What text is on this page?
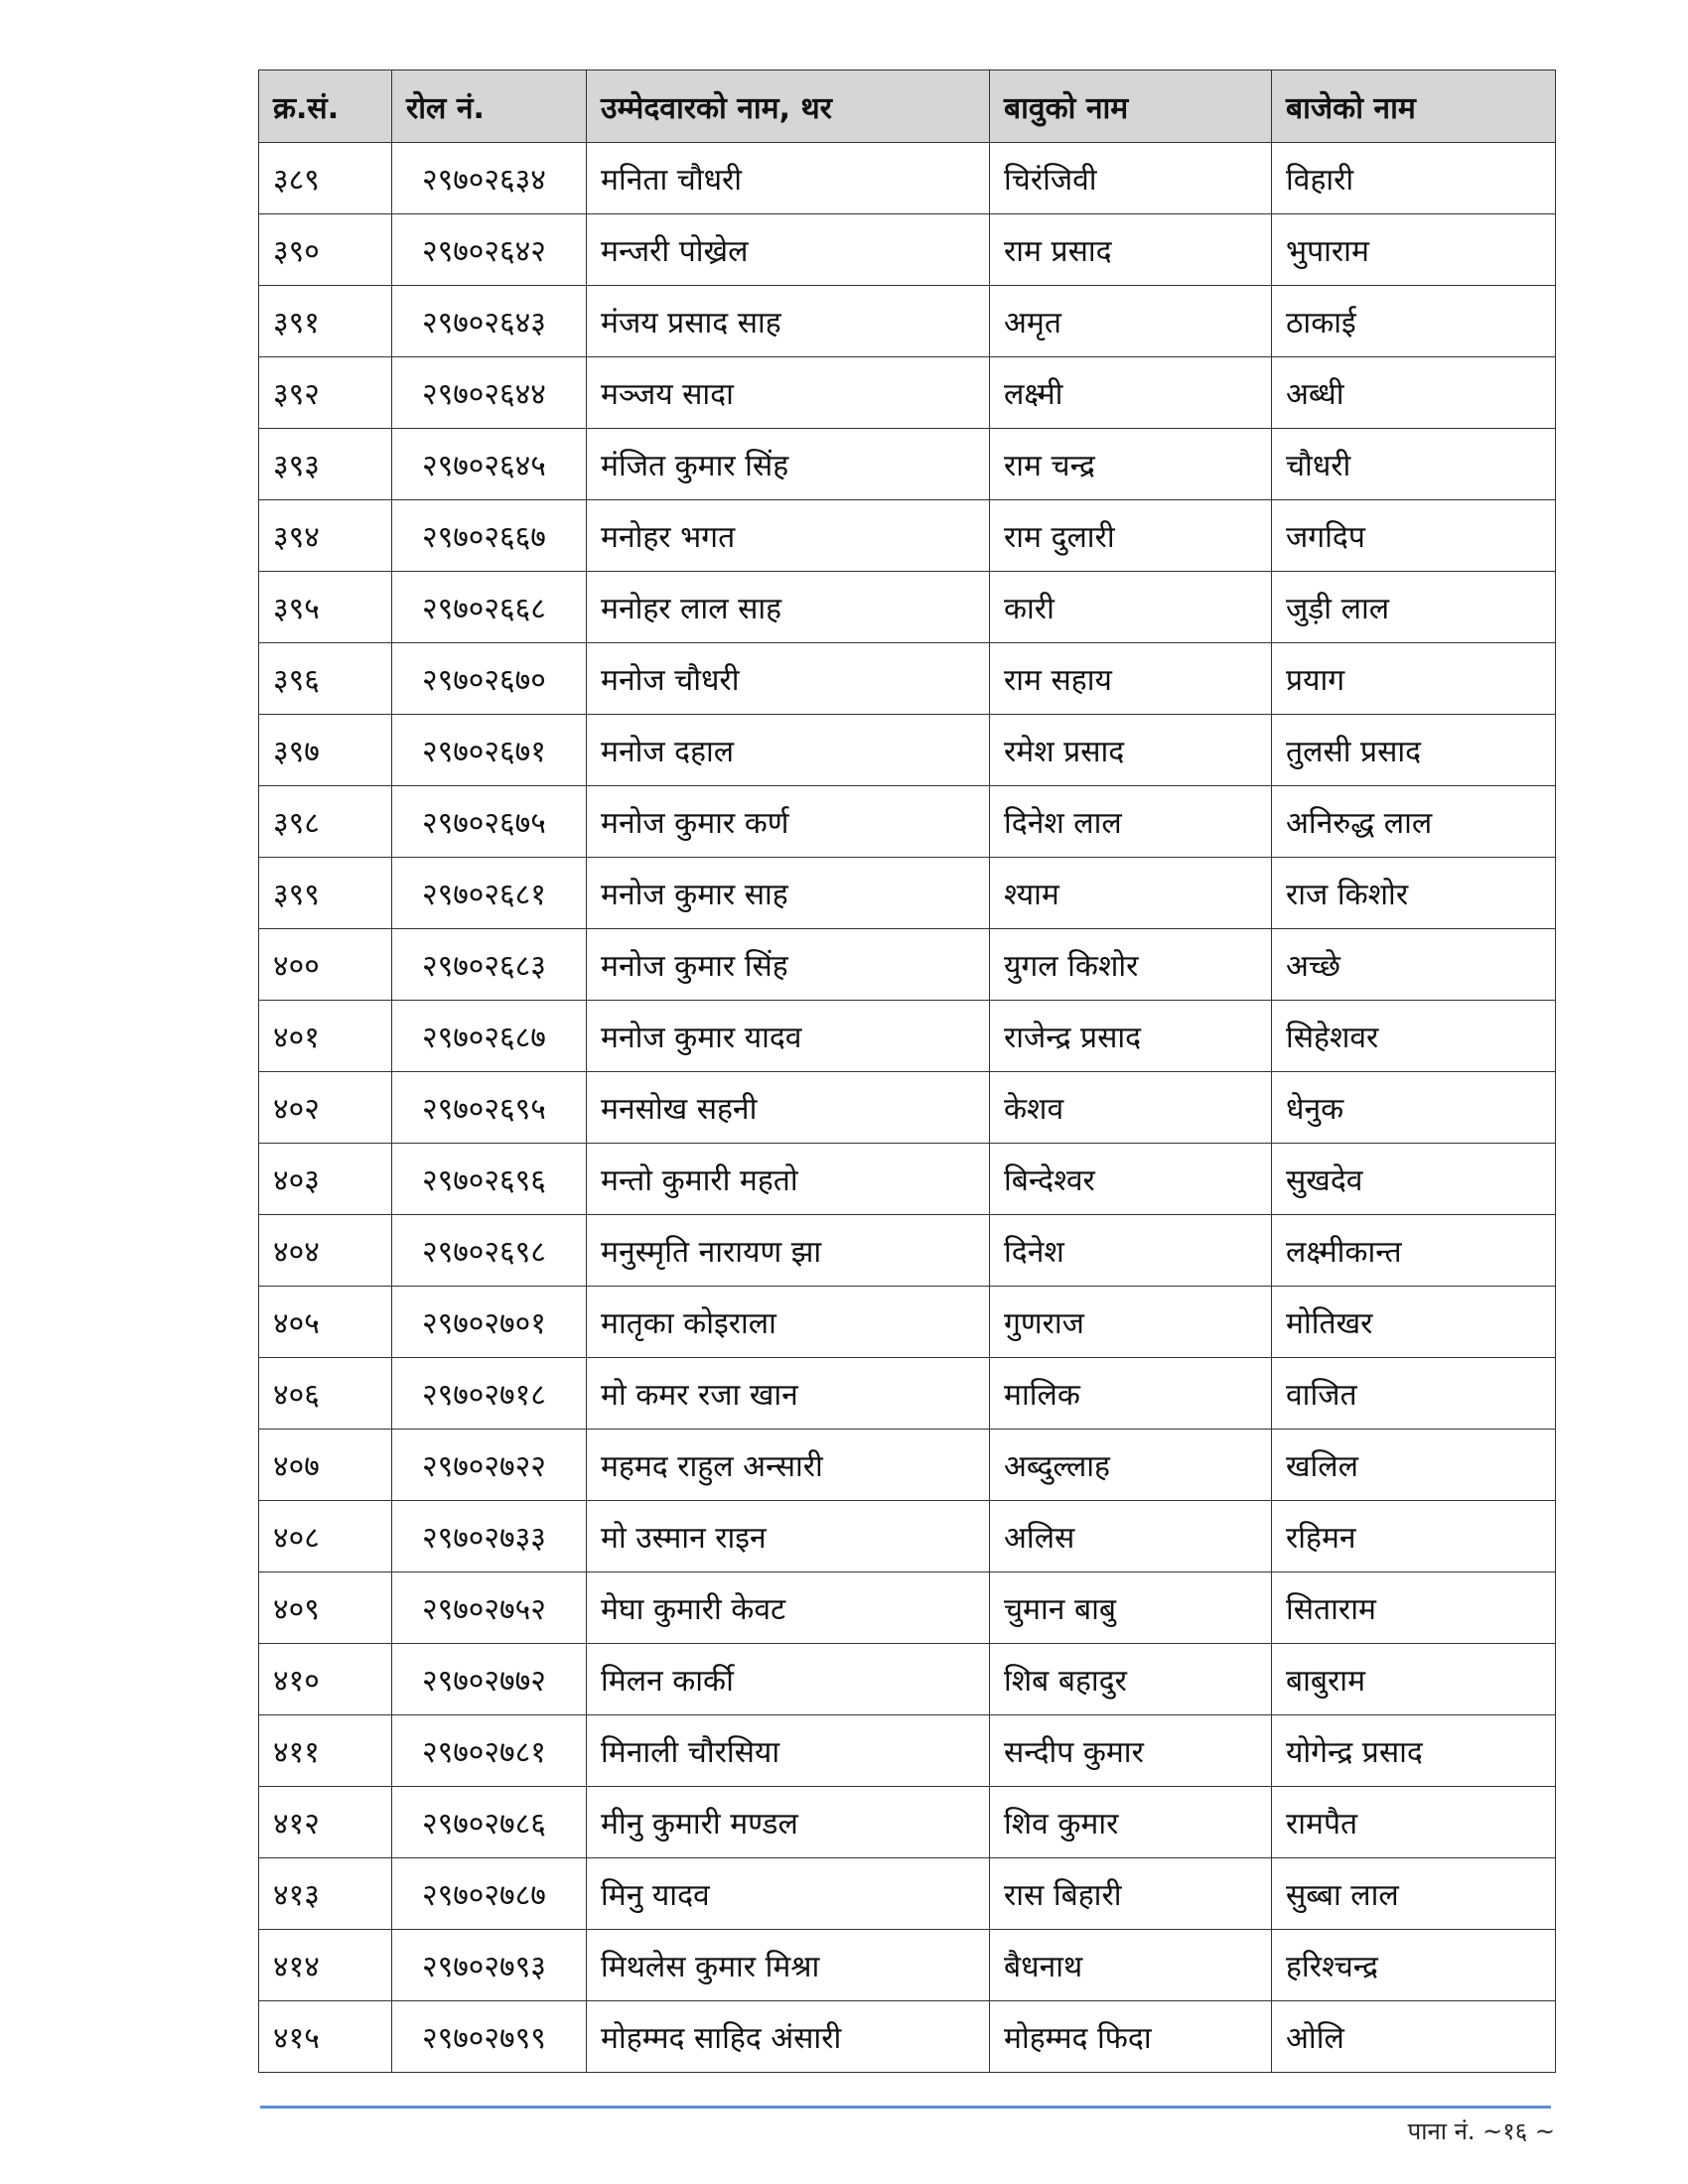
क्र.सं.	रोल नं.	उम्मेदवारको नाम, थर	बावुको नाम	बाजेको नाम
३८९	२९७०२६३४	मनिता चौधरी	चिरंजिवी	विहारी
३९०	२९७०२६४२	मन्जरी पोख्रेल	राम प्रसाद	भुपाराम
३९१	२९७०२६४३	मंजय प्रसाद साह	अमृत	ठाकाई
३९२	२९७०२६४४	मञ्जय सादा	लक्ष्मी	अब्धी
३९३	२९७०२६४५	मंजित कुमार सिंह	राम चन्द्र	चौधरी
३९४	२९७०२६६७	मनोहर भगत	राम दुलारी	जगदिप
३९५	२९७०२६६८	मनोहर लाल साह	कारी	जुड़ी लाल
३९६	२९७०२६७०	मनोज चौधरी	राम सहाय	प्रयाग
३९७	२९७०२६७१	मनोज दहाल	रमेश प्रसाद	तुलसी प्रसाद
३९८	२९७०२६७५	मनोज कुमार कर्ण	दिनेश लाल	अनिरुद्ध लाल
३९९	२९७०२६८१	मनोज कुमार साह	श्याम	राज किशोर
४००	२९७०२६८३	मनोज कुमार सिंह	युगल किशोर	अच्छे
४०१	२९७०२६८७	मनोज कुमार यादव	राजेन्द्र प्रसाद	सिहेशवर
४०२	२९७०२६९५	मनसोख सहनी	केशव	धेनुक
४०३	२९७०२६९६	मन्तो कुमारी महतो	बिन्देश्वर	सुखदेव
४०४	२९७०२६९८	मनुस्मृति नारायण झा	दिनेश	लक्ष्मीकान्त
४०५	२९७०२७०१	मातृका कोइराला	गुणराज	मोतिखर
४०६	२९७०२७१८	मो कमर रजा खान	मालिक	वाजित
४०७	२९७०२७२२	महमद राहुल अन्सारी	अब्दुल्लाह	खलिल
४०८	२९७०२७३३	मो उस्मान राइन	अलिस	रहिमन
४०९	२९७०२७५२	मेघा कुमारी केवट	चुमान बाबु	सिताराम
४१०	२९७०२७७२	मिलन कार्की	शिब बहादुर	बाबुराम
४११	२९७०२७८१	मिनाली चौरसिया	सन्दीप कुमार	योगेन्द्र प्रसाद
४१२	२९७०२७८६	मीनु कुमारी मण्डल	शिव कुमार	रामपैत
४१३	२९७०२७८७	मिनु यादव	रास बिहारी	सुब्बा लाल
४१४	२९७०२७९३	मिथलेस कुमार मिश्रा	बैधनाथ	हरिश्चन्द्र
४१५	२९७०२७९९	मोहम्मद साहिद अंसारी	मोहम्मद फिदा	ओलि
पाना नं. ~१६ ~
